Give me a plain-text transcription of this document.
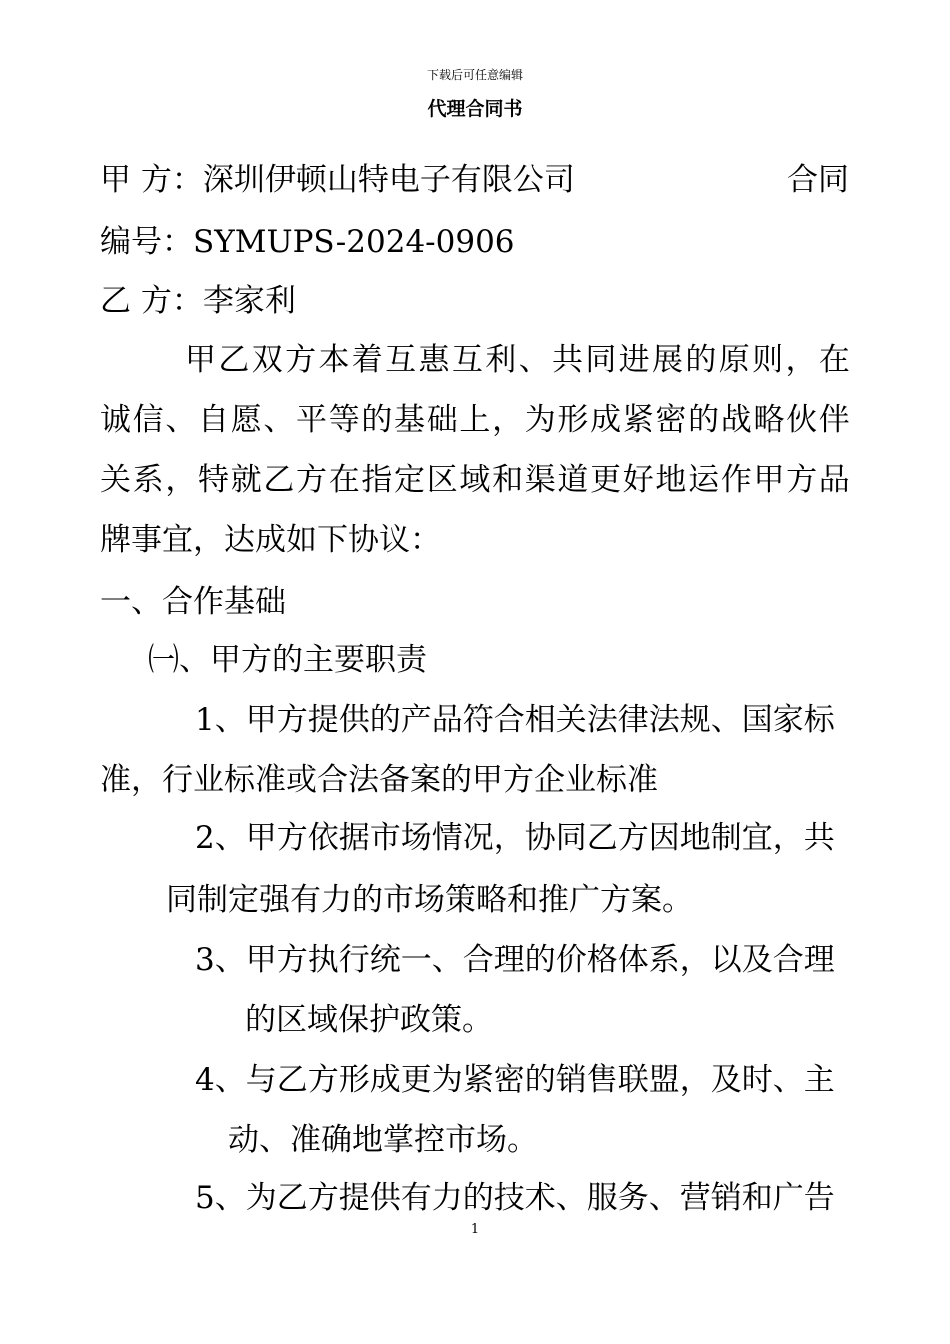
下载后可任意编辑
代理合同书
甲 方：深圳伊顿山特电子有限公司	合同
编号：SYMUPS-2024-0906
乙 方：李家利
甲 乙 双 方 本 着 互 惠 互 利 、 共 同 进 展 的 原 则 ， 在
诚 信 、 自 愿 、 平 等 的 基 础 上 ， 为 形 成 紧 密 的 战 略 伙 伴
关 系 ， 特 就 乙 方 在 指 定 区 域 和 渠 道 更 好 地 运 作 甲 方 品
牌事宜，达成如下协议：
一、合作基础
㈠、甲方的主要职责
1、甲方提供的产品符合相关法律法规、国家标
准，行业标准或合法备案的甲方企业标准
2、甲方依据市场情况，协同乙方因地制宜，共
同制定强有力的市场策略和推广方案。
3、甲方执行统一、合理的价格体系，以及合理
的区域保护政策。
4、与乙方形成更为紧密的销售联盟，及时、主
动、准确地掌控市场。
5、为乙方提供有力的技术、服务、营销和广告
1
